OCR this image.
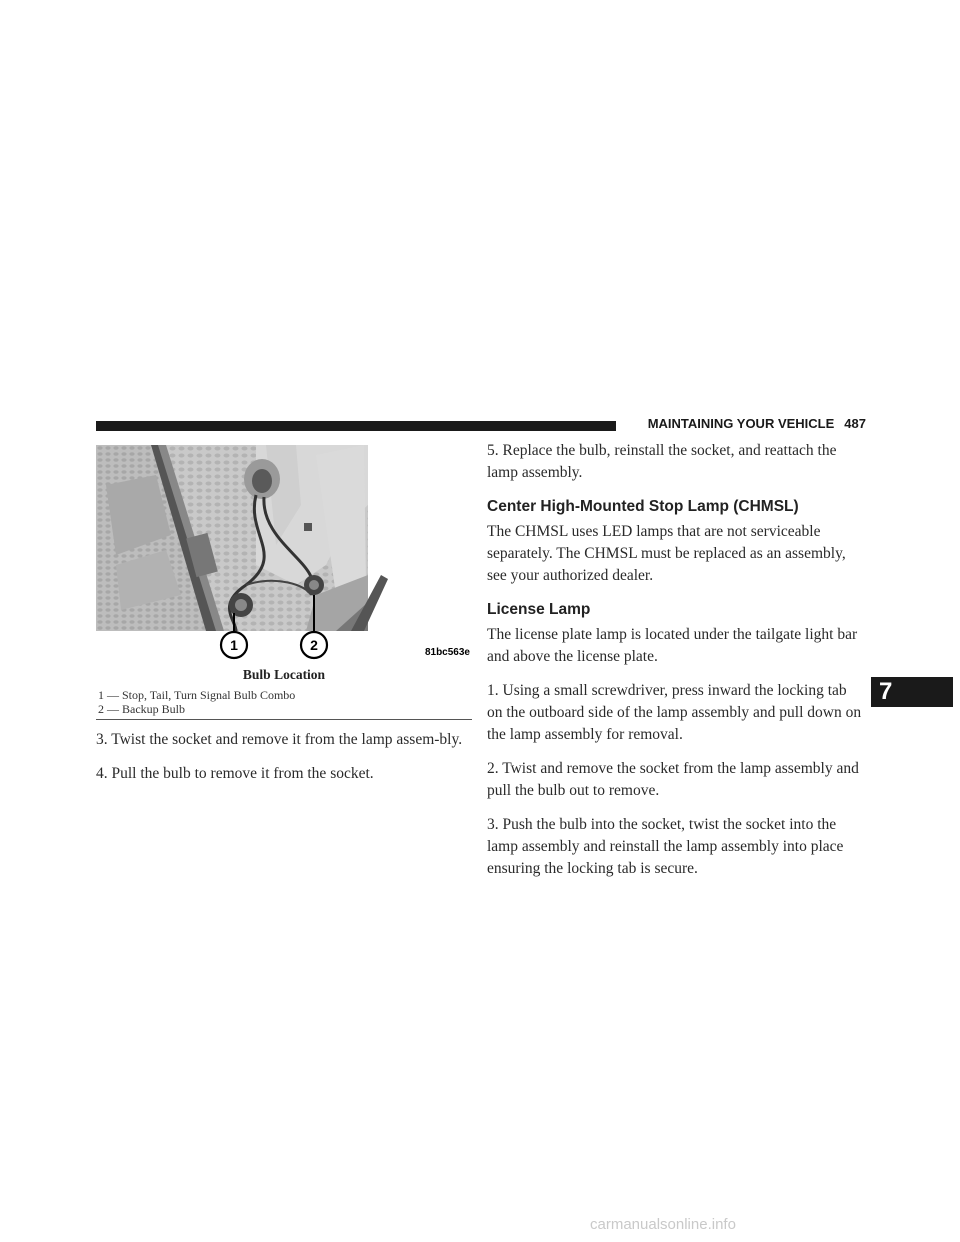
MAINTAINING YOUR VEHICLE 487
1	2	81bc563e
Bulb Location
1 — Stop, Tail, Turn Signal Bulb Combo
2 — Backup Bulb

3. Twist the socket and remove it from the lamp assem-bly.

4. Pull the bulb to remove it from the socket.

5. Replace the bulb, reinstall the socket, and reattach the lamp assembly.

Center High-Mounted Stop Lamp (CHMSL)

The CHMSL uses LED lamps that are not serviceable separately. The CHMSL must be replaced as an assembly, see your authorized dealer.

License Lamp

The license plate lamp is located under the tailgate light bar and above the license plate.

1. Using a small screwdriver, press inward the locking tab on the outboard side of the lamp assembly and pull down on the lamp assembly for removal.

2. Twist and remove the socket from the lamp assembly and pull the bulb out to remove.

3. Push the bulb into the socket, twist the socket into the lamp assembly and reinstall the lamp assembly into place ensuring the locking tab is secure.

7
carmanualsonline.info
